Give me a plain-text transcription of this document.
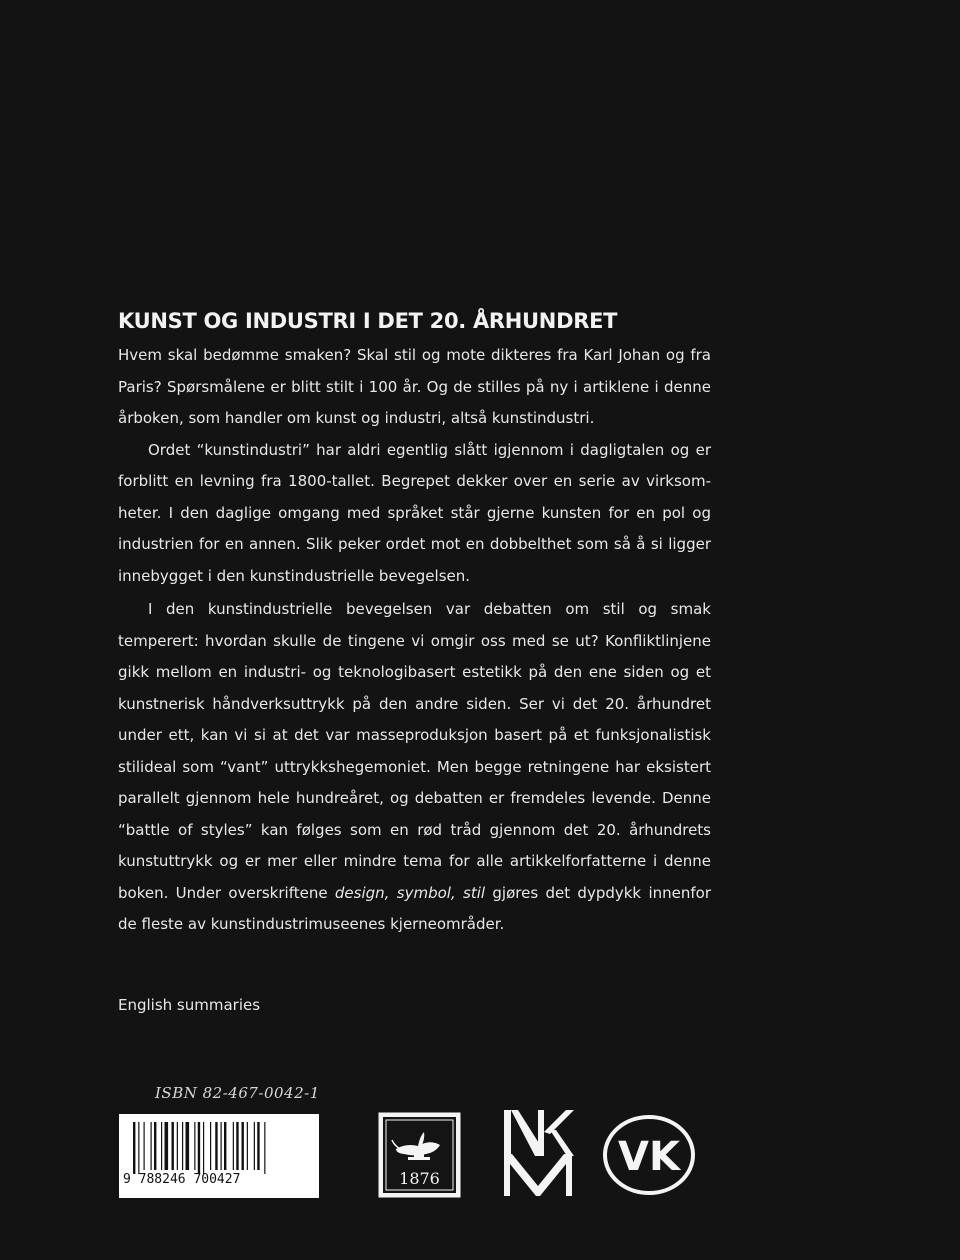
KUNST OG INDUSTRI I DET 20. ÅRHUNDRET

Hvem skal bedømme smaken? Skal stil og mote dikteres fra Karl Johan og fra Paris? Spørsmålene er blitt stilt i 100 år. Og de stilles på ny i artiklene i denne årboken, som handler om kunst og industri, altså kunstindustri.

Ordet “kunstindustri” har aldri egentlig slått igjennom i dagligtalen og er forblitt en levning fra 1800-tallet. Begrepet dekker over en serie av virksomheter. I den daglige omgang med språket står gjerne kunsten for en pol og industrien for en annen. Slik peker ordet mot en dobbelthet som så å si ligger innebygget i den kunstindustrielle bevegelsen.

I den kunstindustrielle bevegelsen var debatten om stil og smak temperert: hvordan skulle de tingene vi omgir oss med se ut? Konfliktlinjene gikk mellom en industri- og teknologibasert estetikk på den ene siden og et kunstnerisk håndverksuttrykk på den andre siden. Ser vi det 20. århundret under ett, kan vi si at det var masseproduksjon basert på et funksjonalistisk stilideal som “vant” uttrykkshegemoniet. Men begge retningene har eksistert parallelt gjennom hele hundreåret, og debatten er fremdeles levende. Denne “battle of styles” kan følges som en rød tråd gjennom det 20. århundrets kunstuttrykk og er mer eller mindre tema for alle artikkelforfatterne i denne boken. Under overskriftene design, symbol, stil gjøres det dypdykk innenfor de fleste av kunstindustrimuseenes kjerneområder.

English summaries
ISBN 82-467-0042-1
9 788246 700427	1876
NKM
VK
